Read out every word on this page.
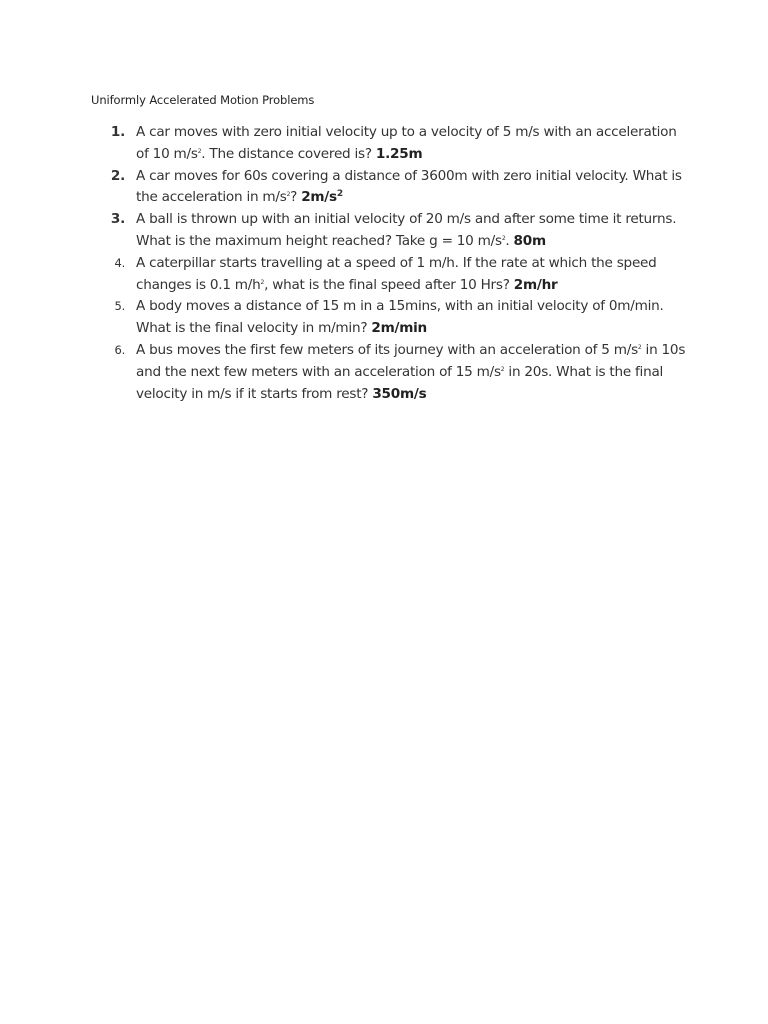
Uniformly Accelerated Motion Problems
1. A car moves with zero initial velocity up to a velocity of 5 m/s with an acceleration of 10 $m/s^2$. The distance covered is? 1.25m
2. A car moves for 60s covering a distance of 3600m with zero initial velocity. What is the acceleration in $m/s^2$? $2m/s^2$
3. A ball is thrown up with an initial velocity of 20 m/s and after some time it returns. What is the maximum height reached? Take g = 10 $m/s^2$. 80m
4. A caterpillar starts travelling at a speed of 1 m/h. If the rate at which the speed changes is 0.1 $m/h^2$, what is the final speed after 10 Hrs? 2m/hr
5. A body moves a distance of 15 m in a 15mins, with an initial velocity of 0m/min. What is the final velocity in m/min? 2m/min
6. A bus moves the first few meters of its journey with an acceleration of 5 $m/s^2$ in 10s and the next few meters with an acceleration of 15 $m/s^2$ in 20s. What is the final velocity in m/s if it starts from rest? 350m/s
